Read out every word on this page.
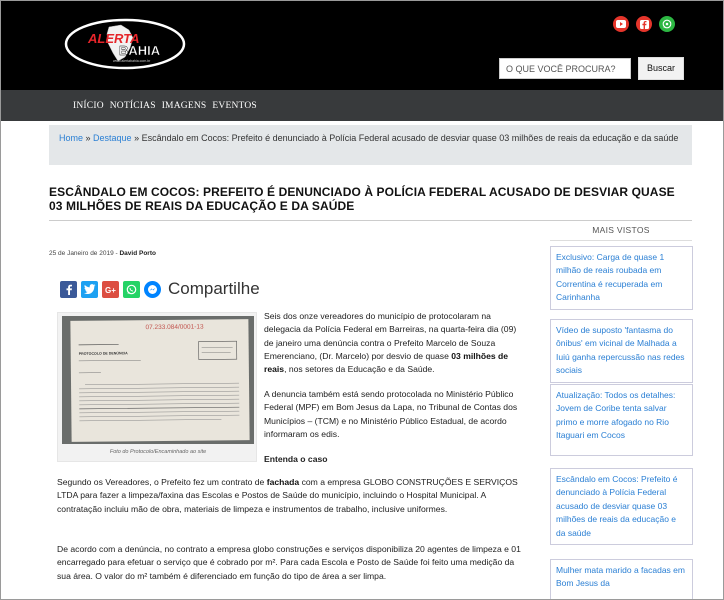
ALERTA
BAHIA
www.alertabahia.com.br
O QUE VOCÊ PROCURA?
Buscar
INÍCIO NOTÍCIAS IMAGENS EVENTOS
Home » Destaque » Escândalo em Cocos: Prefeito é denunciado à Polícia Federal acusado de desviar quase 03 milhões de reais da educação e da saúde
ESCÂNDALO EM COCOS: PREFEITO É DENUNCIADO À POLÍCIA FEDERAL ACUSADO DE DESVIAR QUASE 03 MILHÕES DE REAIS DA EDUCAÇÃO E DA SAÚDE
25 de Janeiro de 2019 - David Porto
G+	Compartilhe
07.233.084/0001-13
PROTOCOLO DE DENÚNCIA
Foto do Protocolo/Encaminhado ao site

Seis dos onze vereadores do município de protocolaram na delegacia da Polícia Federal em Barreiras, na quarta-feira dia (09) de janeiro uma denúncia contra o Prefeito Marcelo de Souza Emerenciano, (Dr. Marcelo) por desvio de quase 03 milhões de reais, nos setores da Educação e da Saúde.

A denuncia também está sendo protocolada no Ministério Público Federal (MPF) em Bom Jesus da Lapa, no Tribunal de Contas dos Municípios – (TCM) e no Ministério Público Estadual, de acordo informaram os edis.

Entenda o caso

Segundo os Vereadores, o Prefeito fez um contrato de fachada com a empresa GLOBO CONSTRUÇÕES E SERVIÇOS LTDA para fazer a limpeza/faxina das Escolas e Postos de Saúde do município, incluindo o Hospital Municipal. A contratação incluiu mão de obra, materiais de limpeza e instrumentos de trabalho, inclusive uniformes.

De acordo com a denúncia, no contrato a empresa globo construções e serviços disponibiliza 20 agentes de limpeza e 01 encarregado para efetuar o serviço que é cobrado por m². Para cada Escola e Posto de Saúde foi feito uma medição da sua área. O valor do m² também é diferenciado em função do tipo de área a ser limpa.

MAIS VISTOS
Exclusivo: Carga de quase 1 milhão de reais roubada em Correntina é recuperada em Carinhanha
Vídeo de suposto 'fantasma do ônibus' em vicinal de Malhada a Iuiú ganha repercussão nas redes sociais
Atualização: Todos os detalhes: Jovem de Coribe tenta salvar primo e morre afogado no Rio Itaguari em Cocos
Escândalo em Cocos: Prefeito é denunciado à Polícia Federal acusado de desviar quase 03 milhões de reais da educação e da saúde
Mulher mata marido a facadas em Bom Jesus da
